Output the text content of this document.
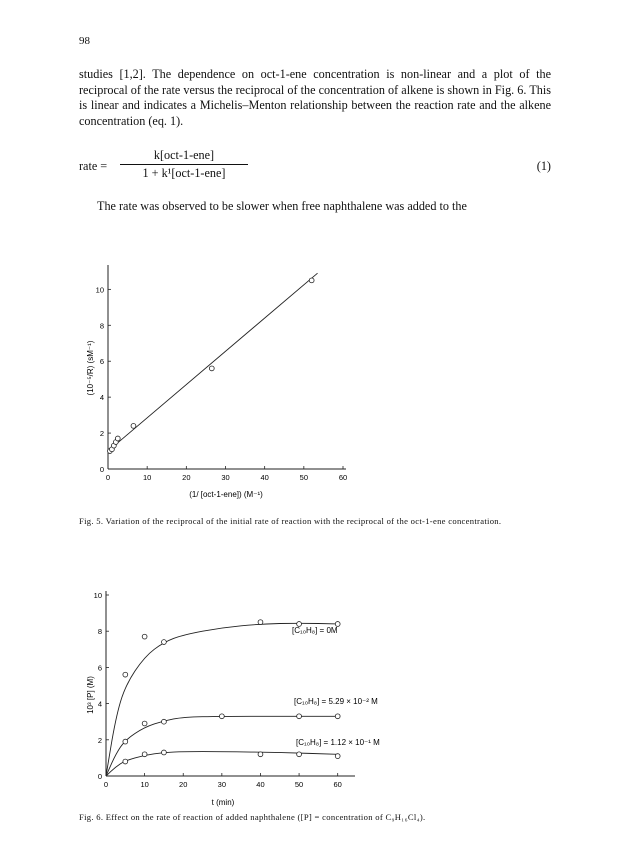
98
studies [1,2]. The dependence on oct-1-ene concentration is non-linear and a plot of the reciprocal of the rate versus the reciprocal of the concentration of alkene is shown in Fig. 6. This is linear and indicates a Michelis–Menton relationship between the reaction rate and the alkene concentration (eq. 1).
rate =
k[oct-1-ene]
1 + k¹[oct-1-ene]	(1)
The rate was observed to be slower when free naphthalene was added to the
0	10	20	30	40	50	60
0
2
4
6
8
10
(1/ [oct-1-ene]) (M⁻¹)
(10⁻⁵/R) (sM⁻¹)
Fig. 5. Variation of the reciprocal of the initial rate of reaction with the reciprocal of the oct-1-ene concentration.
0	10	20	30	40	50	60
0
2
4
6
8
10
t (min)
10³ [P] (M)
[C₁₀H₈] = 0M
[C₁₀H₈] = 5.29 × 10⁻² M
[C₁₀H₈] = 1.12 × 10⁻¹ M
Fig. 6. Effect on the rate of reaction of added naphthalene ([P] = concentration of C₉H₁₆Cl₄).
